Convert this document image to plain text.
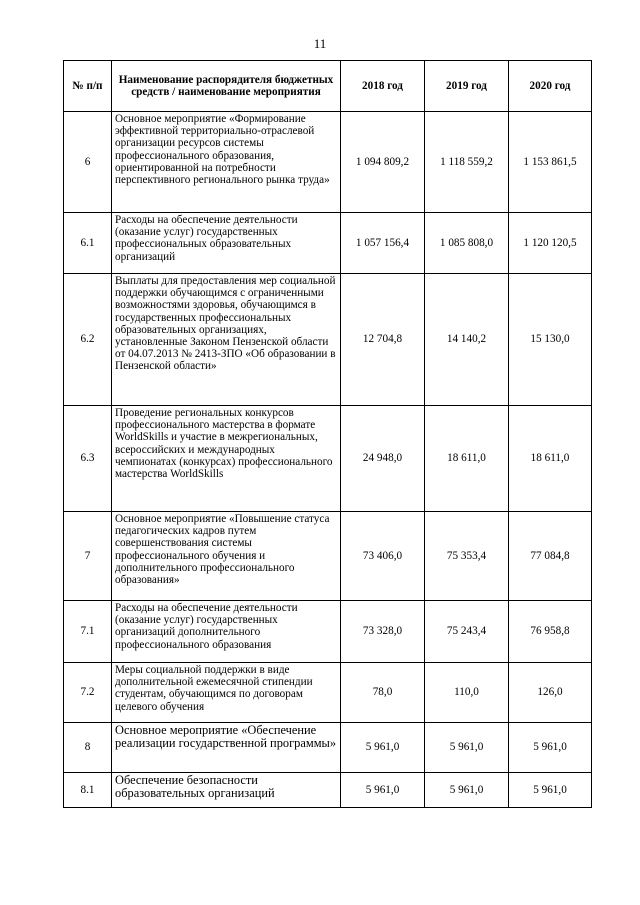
11
№ п/п	Наименование распорядителя бюджетных средств / наименование мероприятия	2018 год	2019 год	2020 год
6	Основное мероприятие «Формирование эффективной территориально-отраслевой организации ресурсов системы профессионального образования, ориентированной на потребности перспективного регионального рынка труда»	1 094 809,2	1 118 559,2	1 153 861,5
6.1	Расходы на обеспечение деятельности (оказание услуг) государственных профессиональных образовательных организаций	1 057 156,4	1 085 808,0	1 120 120,5
6.2	Выплаты для предоставления мер социальной поддержки обучающимся с ограниченными возможностями здоровья, обучающимся в государственных профессиональных образовательных организациях, установленные Законом Пензенской области от 04.07.2013 № 2413-ЗПО «Об образовании в Пензенской области»	12 704,8	14 140,2	15 130,0
6.3	Проведение региональных конкурсов профессионального мастерства в формате WorldSkills и участие в межрегиональных, всероссийских и международных чемпионатах (конкурсах) профессионального мастерства WorldSkills	24 948,0	18 611,0	18 611,0
7	Основное мероприятие «Повышение статуса педагогических кадров путем совершенствования системы профессионального обучения и дополнительного профессионального образования»	73 406,0	75 353,4	77 084,8
7.1	Расходы на обеспечение деятельности (оказание услуг) государственных организаций дополнительного профессионального образования	73 328,0	75 243,4	76 958,8
7.2	Меры социальной поддержки в виде дополнительной ежемесячной стипендии студентам, обучающимся по договорам целевого обучения	78,0	110,0	126,0
8	Основное мероприятие «Обеспечение реализации государственной программы»	5 961,0	5 961,0	5 961,0
8.1	Обеспечение безопасности образовательных организаций	5 961,0	5 961,0	5 961,0
